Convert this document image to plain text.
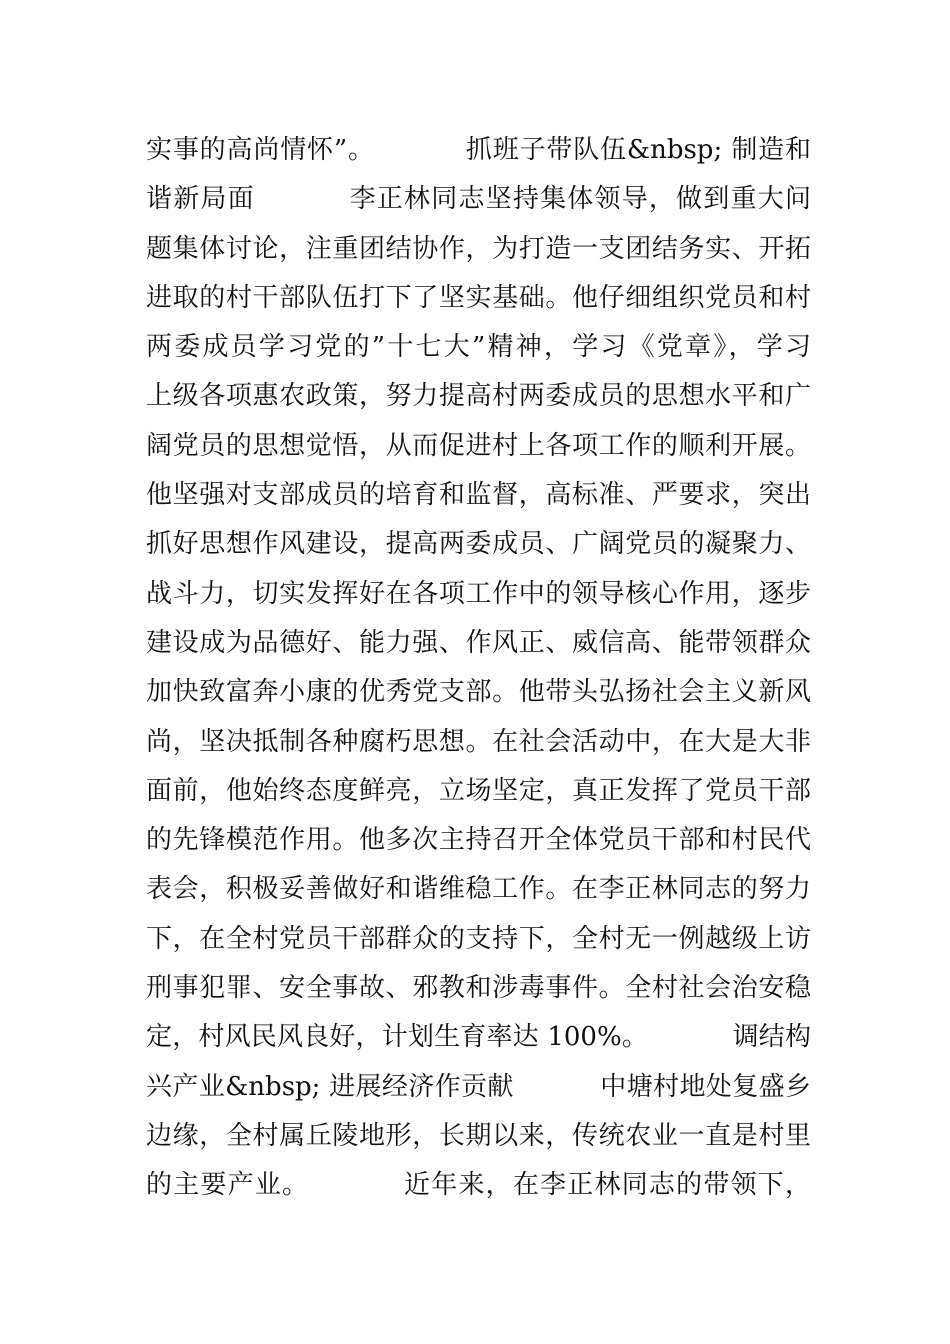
实事的高尚情怀”。          抓班子带队伍&nbsp; 制造和
谐新局面          李正林同志坚持集体领导，做到重大问
题集体讨论，注重团结协作，为打造一支团结务实、开拓
进取的村干部队伍打下了坚实基础。他仔细组织党员和村
两委成员学习党的”十七大”精神，学习《党章》，学习
上级各项惠农政策，努力提高村两委成员的思想水平和广
阔党员的思想觉悟，从而促进村上各项工作的顺利开展。
他坚强对支部成员的培育和监督，高标准、严要求，突出
抓好思想作风建设，提高两委成员、广阔党员的凝聚力、
战斗力，切实发挥好在各项工作中的领导核心作用，逐步
建设成为品德好、能力强、作风正、威信高、能带领群众
加快致富奔小康的优秀党支部。他带头弘扬社会主义新风
尚，坚决抵制各种腐朽思想。在社会活动中，在大是大非
面前，他始终态度鲜亮，立场坚定，真正发挥了党员干部
的先锋模范作用。他多次主持召开全体党员干部和村民代
表会，积极妥善做好和谐维稳工作。在李正林同志的努力
下，在全村党员干部群众的支持下，全村无一例越级上访
刑事犯罪、安全事故、邪教和涉毒事件。全村社会治安稳
定，村风民风良好，计划生育率达 100%。          调结构
兴产业&nbsp; 进展经济作贡献          中塘村地处复盛乡
边缘，全村属丘陵地形，长期以来，传统农业一直是村里
的主要产业。          近年来，在李正林同志的带领下，
